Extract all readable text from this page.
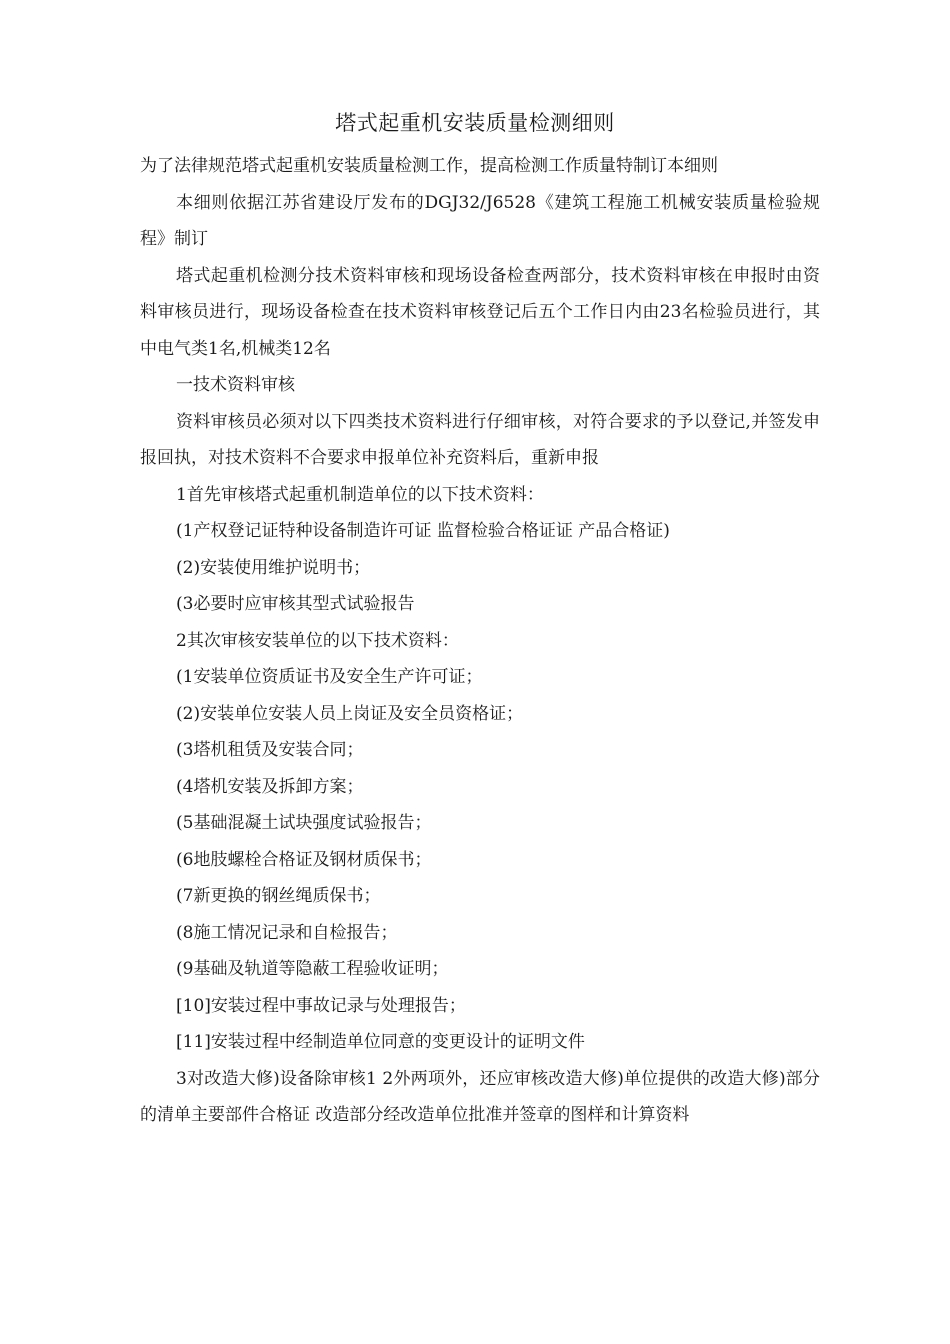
塔式起重机安装质量检测细则

为了法律规范塔式起重机安装质量检测工作，提高检测工作质量特制订本细则

本细则依据江苏省建设厅发布的DGJ32/J6528《建筑工程施工机械安装质量检验规程》制订

塔式起重机检测分技术资料审核和现场设备检查两部分，技术资料审核在申报时由资料审核员进行，现场设备检查在技术资料审核登记后五个工作日内由23名检验员进行，其中电气类1名,机械类12名

一技术资料审核

资料审核员必须对以下四类技术资料进行仔细审核，对符合要求的予以登记,并签发申报回执，对技术资料不合要求申报单位补充资料后，重新申报

1首先审核塔式起重机制造单位的以下技术资料：

(1产权登记证特种设备制造许可证 监督检验合格证证 产品合格证)

(2)安装使用维护说明书；

(3必要时应审核其型式试验报告

2其次审核安装单位的以下技术资料：

(1安装单位资质证书及安全生产许可证；

(2)安装单位安装人员上岗证及安全员资格证；

(3塔机租赁及安装合同；

(4塔机安装及拆卸方案；

(5基础混凝土试块强度试验报告；

(6地肢螺栓合格证及钢材质保书；

(7新更换的钢丝绳质保书；

(8施工情况记录和自检报告；

(9基础及轨道等隐蔽工程验收证明；

[10]安装过程中事故记录与处理报告；

[11]安装过程中经制造单位同意的变更设计的证明文件

3对改造大修)设备除审核1 2外两项外，还应审核改造大修)单位提供的改造大修)部分的清单主要部件合格证 改造部分经改造单位批准并签章的图样和计算资料
